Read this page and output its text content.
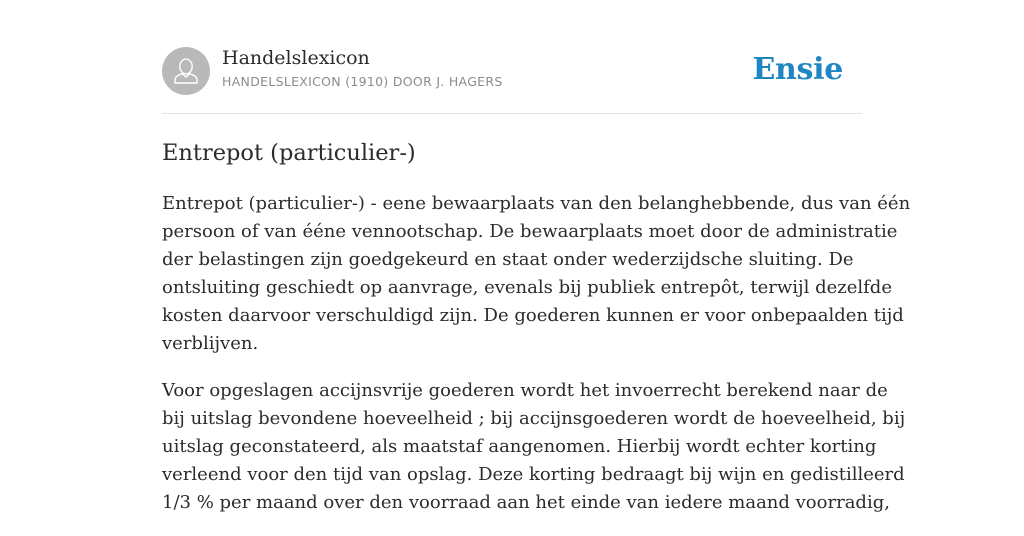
Handelslexicon
HANDELSLEXICON (1910) DOOR J. HAGERS	Ensie
Entrepot (particulier-)

Entrepot (particulier-) - eene bewaarplaats van den belanghebbende, dus van één
persoon of van ééne vennootschap. De bewaarplaats moet door de administratie
der belastingen zijn goedgekeurd en staat onder wederzijdsche sluiting. De
ontsluiting geschiedt op aanvrage, evenals bij publiek entrepôt, terwijl dezelfde
kosten daarvoor verschuldigd zijn. De goederen kunnen er voor onbepaalden tijd
verblijven.

Voor opgeslagen accijnsvrije goederen wordt het invoerrecht berekend naar de
bij uitslag bevondene hoeveelheid ; bij accijnsgoederen wordt de hoeveelheid, bij
uitslag geconstateerd, als maatstaf aangenomen. Hierbij wordt echter korting
verleend voor den tijd van opslag. Deze korting bedraagt bij wijn en gedistilleerd
1/3 % per maand over den voorraad aan het einde van iedere maand voorradig,
